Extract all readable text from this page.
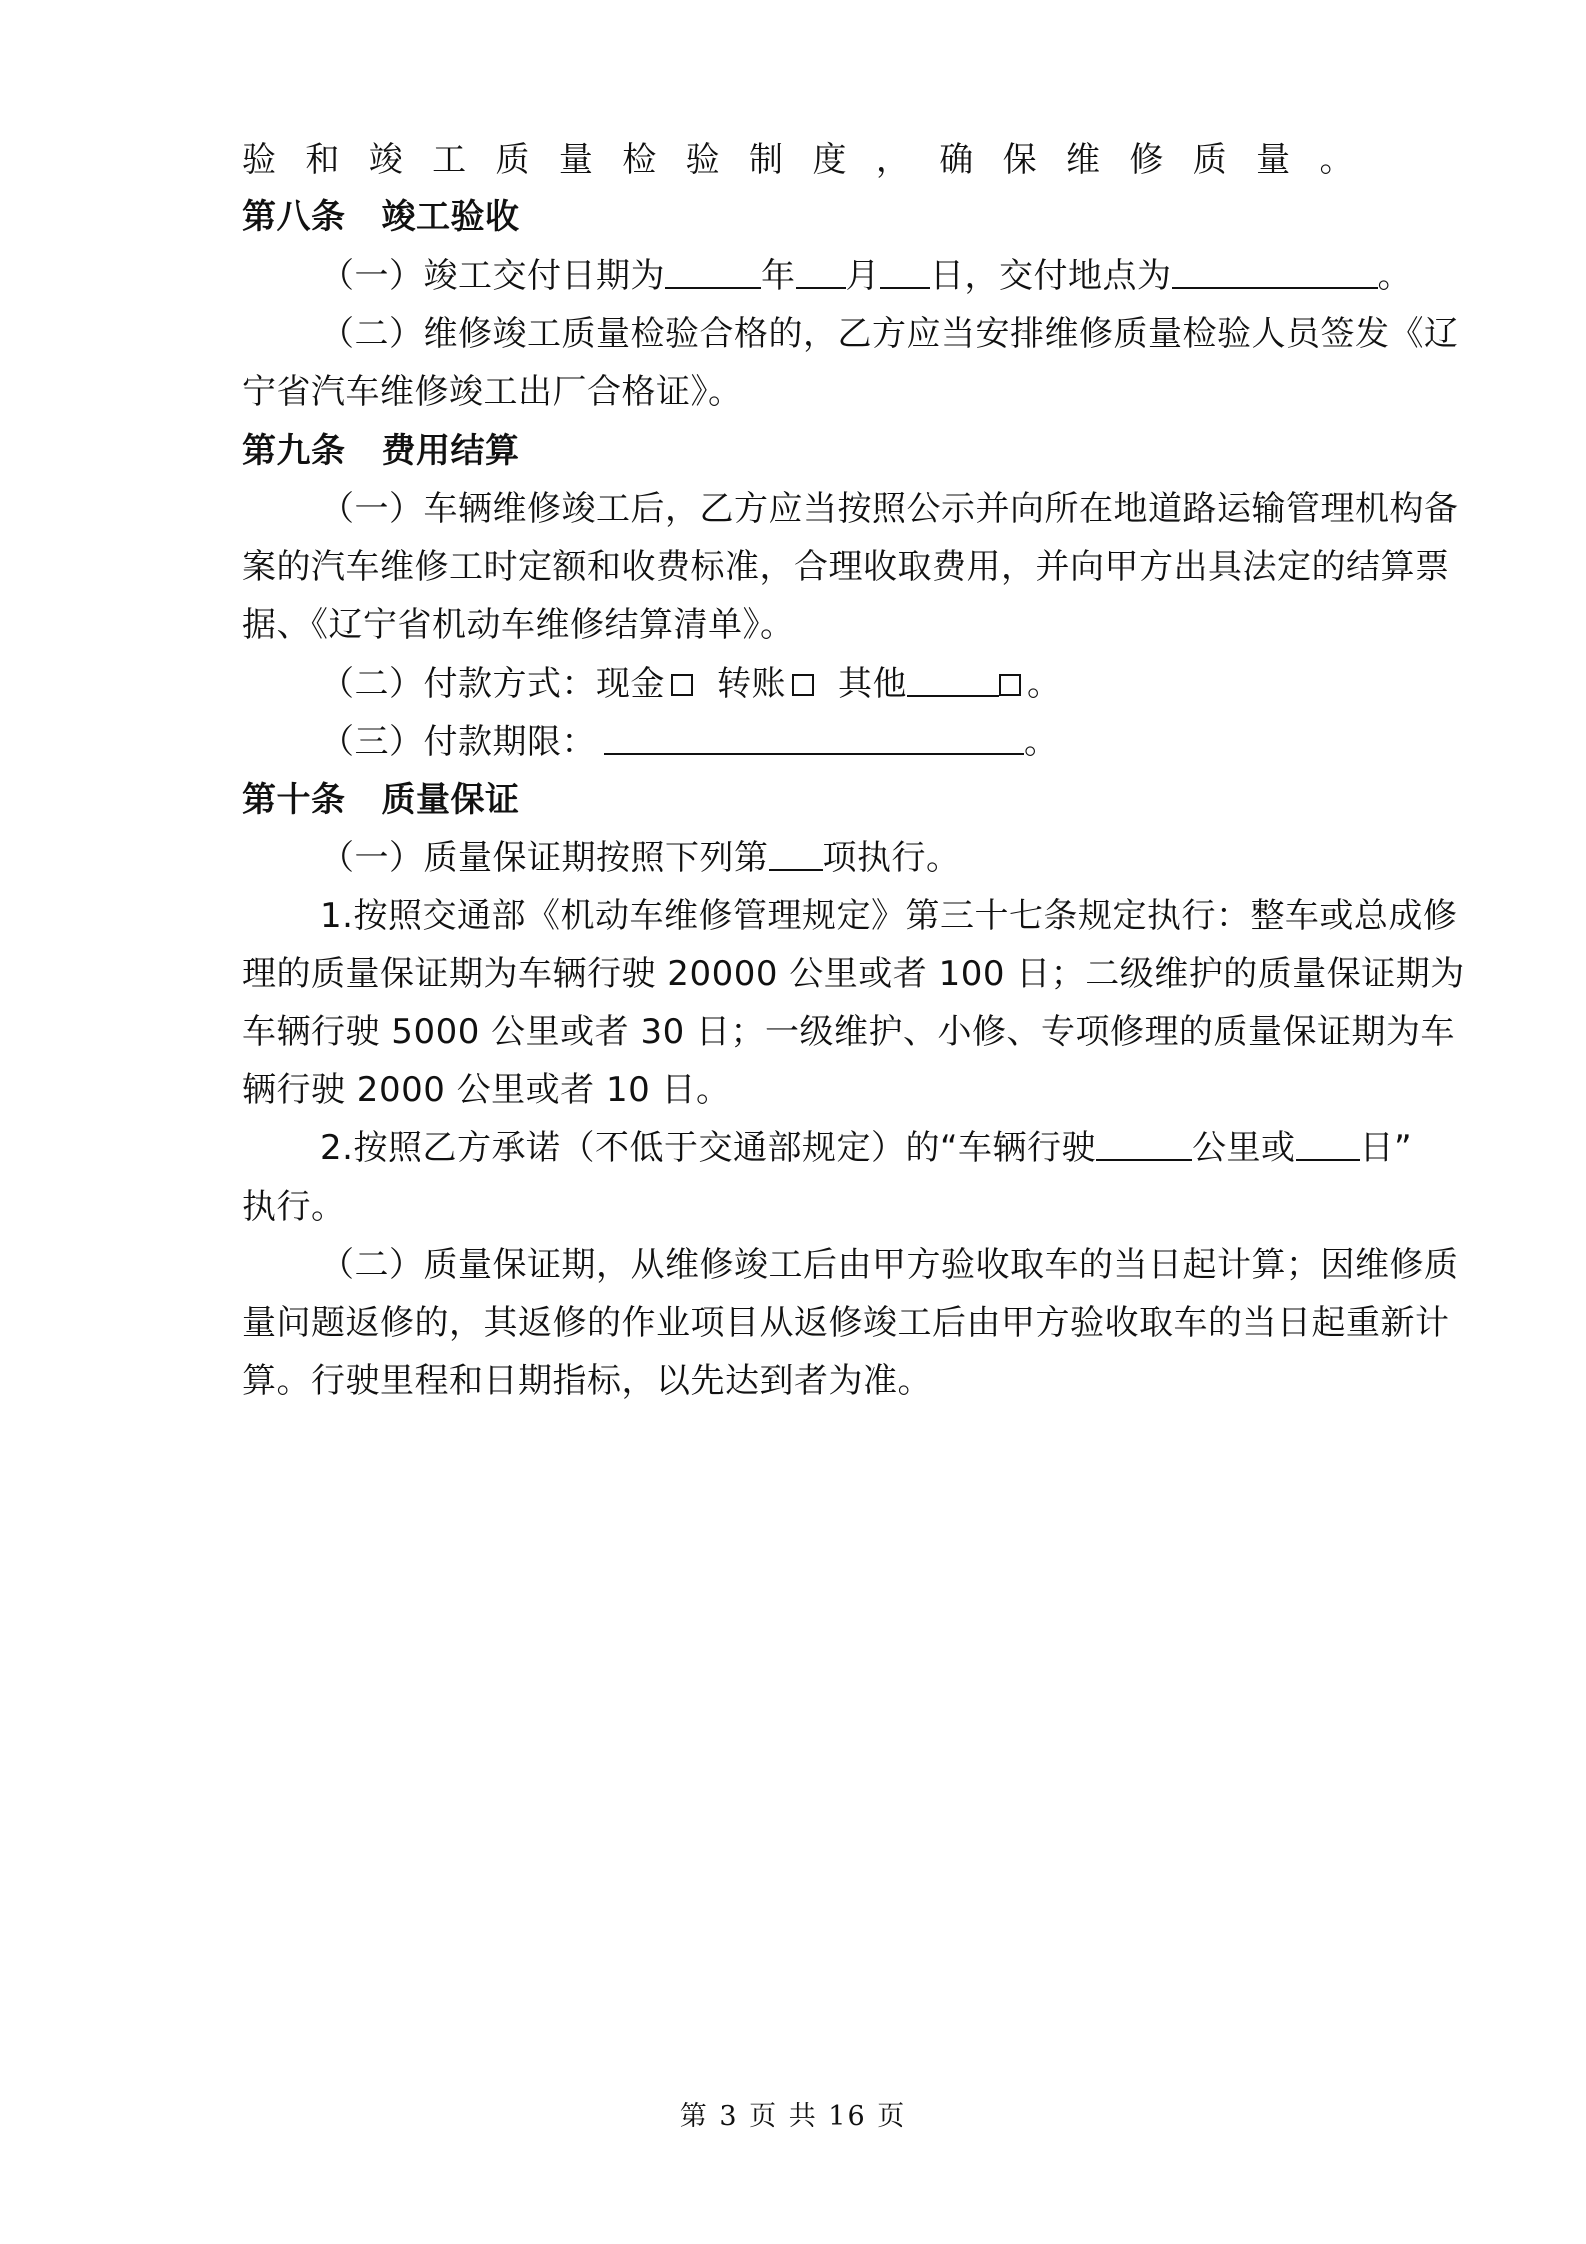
验和竣工质量检验制度，确保维修质量。
第八条 竣工验收
（一）竣工交付日期为	年 月 日，交付地点为	。
（二）维修竣工质量检验合格的，乙方应当安排维修质量检验人员签发《辽
宁省汽车维修竣工出厂合格证》。
第九条 费用结算
（一）车辆维修竣工后，乙方应当按照公示并向所在地道路运输管理机构备
案的汽车维修工时定额和收费标准，合理收取费用，并向甲方出具法定的结算票
据、《辽宁省机动车维修结算清单》。
（二）付款方式：现金 转账 其他	。
（三）付款期限：	。
第十条 质量保证
（一）质量保证期按照下列第 项执行。
1.按照交通部《机动车维修管理规定》第三十七条规定执行：整车或总成修
理的质量保证期为车辆行驶 20000 公里或者 100 日；二级维护的质量保证期为
车辆行驶 5000 公里或者 30 日；一级维护、小修、专项修理的质量保证期为车
辆行驶 2000 公里或者 10 日。
2.按照乙方承诺（不低于交通部规定）的“车辆行驶	公里或 日”
执行。
（二）质量保证期，从维修竣工后由甲方验收取车的当日起计算；因维修质
量问题返修的，其返修的作业项目从返修竣工后由甲方验收取车的当日起重新计
算。行驶里程和日期指标，以先达到者为准。
第 3 页 共 16 页
